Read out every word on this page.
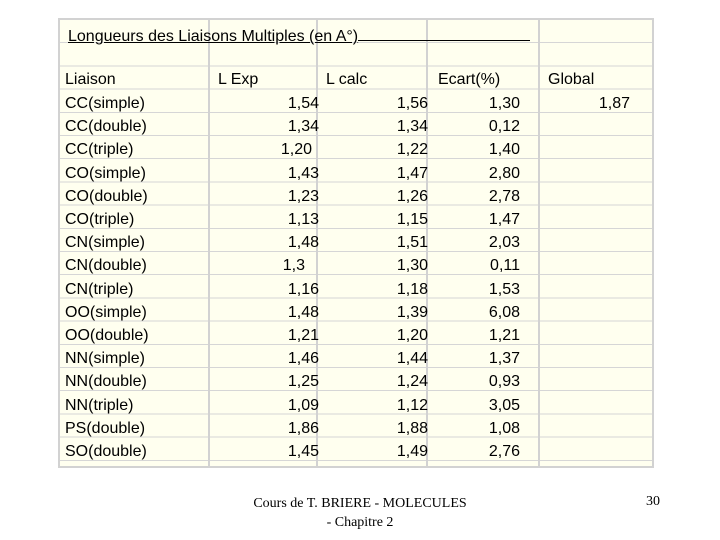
Longueurs des Liaisons Multiples (en A°)
Liaison	L Exp	L calc	Ecart(%)	Global
CC(simple)	1,54	1,56	1,30	1,87
CC(double)	1,34	1,34	0,12
CC(triple)	1,20	1,22	1,40
CO(simple)	1,43	1,47	2,80
CO(double)	1,23	1,26	2,78
CO(triple)	1,13	1,15	1,47
CN(simple)	1,48	1,51	2,03
CN(double)	1,3	1,30	0,11
CN(triple)	1,16	1,18	1,53
OO(simple)	1,48	1,39	6,08
OO(double)	1,21	1,20	1,21
NN(simple)	1,46	1,44	1,37
NN(double)	1,25	1,24	0,93
NN(triple)	1,09	1,12	3,05
PS(double)	1,86	1,88	1,08
SO(double)	1,45	1,49	2,76
Cours de T. BRIERE - MOLECULES
- Chapitre 2
30
